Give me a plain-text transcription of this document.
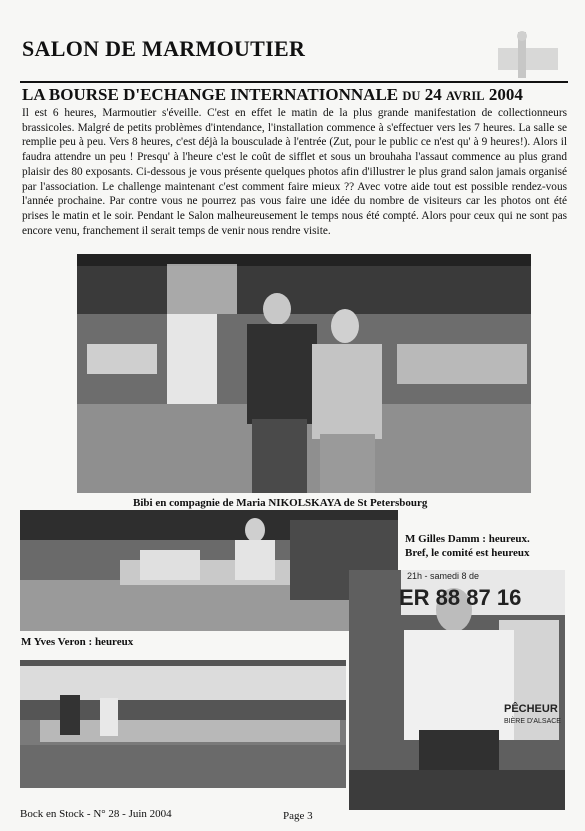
SALON DE MARMOUTIER
LA BOURSE D'ECHANGE INTERNATIONNALE DU 24 AVRIL 2004
Il est 6 heures, Marmoutier s'éveille. C'est en effet le matin de la plus grande manifestation de collectionneurs brassicoles. Malgré de petits problèmes d'intendance, l'installation commence à s'effectuer vers les 7 heures. La salle se remplie peu à peu. Vers 8 heures, c'est déjà la bousculade à l'entrée (Zut, pour le public ce n'est qu' à 9 heures!). Alors il faudra attendre un peu ! Presqu' à l'heure c'est le coût de sifflet et sous un brouhaha l'assaut commence au plus grand plaisir des 80 exposants. Ci-dessous je vous présente quelques photos afin d'illustrer le plus grand salon jamais organisé par l'association. Le challenge maintenant c'est comment faire mieux ?? Avec votre aide tout est possible rendez-vous l'année prochaine. Par contre vous ne pourrez pas vous faire une idée du nombre de visiteurs car les photos ont été prises le matin et le soir. Pendant le Salon malheureusement le temps nous été compté. Alors pour ceux qui ne sont pas encore venu, franchement il serait temps de venir nous rendre visite.
Bibi en compagnie de Maria NIKOLSKAYA de St Petersbourg
M Gilles Damm : heureux.
Bref, le comité est heureux
M Yves Veron : heureux
21h - samedi 8 de
ER 88 87 16
PÊCHEUR
BIÈRE D'ALSACE
Bock en Stock - N° 28 - Juin 2004	Page 3
